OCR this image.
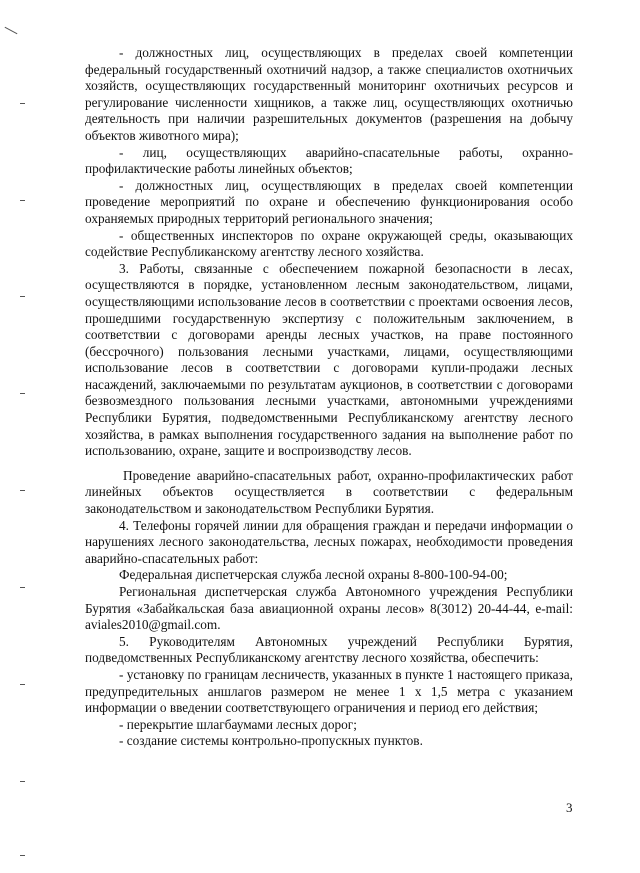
- должностных лиц, осуществляющих в пределах своей компетенции федеральный государственный охотничий надзор, а также специалистов охотничьих хозяйств, осуществляющих государственный мониторинг охотничьих ресурсов и регулирование численности хищников, а также лиц, осуществляющих охотничью деятельность при наличии разрешительных документов (разрешения на добычу объектов животного мира);

- лиц, осуществляющих аварийно-спасательные работы, охранно-профилактические работы линейных объектов;

- должностных лиц, осуществляющих в пределах своей компетенции проведение мероприятий по охране и обеспечению функционирования особо охраняемых природных территорий регионального значения;

- общественных инспекторов по охране окружающей среды, оказывающих содействие Республиканскому агентству лесного хозяйства.

3. Работы, связанные с обеспечением пожарной безопасности в лесах, осуществляются в порядке, установленном лесным законодательством, лицами, осуществляющими использование лесов в соответствии с проектами освоения лесов, прошедшими государственную экспертизу с положительным заключением, в соответствии с договорами аренды лесных участков, на праве постоянного (бессрочного) пользования лесными участками, лицами, осуществляющими использование лесов в соответствии с договорами купли-продажи лесных насаждений, заключаемыми по результатам аукционов, в соответствии с договорами безвозмездного пользования лесными участками, автономными учреждениями Республики Бурятия, подведомственными Республиканскому агентству лесного хозяйства, в рамках выполнения государственного задания на выполнение работ по использованию, охране, защите и воспроизводству лесов.

Проведение аварийно-спасательных работ, охранно-профилактических работ линейных объектов осуществляется в соответствии с федеральным законодательством и законодательством Республики Бурятия.

4. Телефоны горячей линии для обращения граждан и передачи информации о нарушениях лесного законодательства, лесных пожарах, необходимости проведения аварийно-спасательных работ:

Федеральная диспетчерская служба лесной охраны 8-800-100-94-00;

Региональная диспетчерская служба Автономного учреждения Республики Бурятия «Забайкальская база авиационной охраны лесов» 8(3012) 20-44-44, e-mail: aviales2010@gmail.com.

5. Руководителям Автономных учреждений Республики Бурятия, подведомственных Республиканскому агентству лесного хозяйства, обеспечить:

- установку по границам лесничеств, указанных в пункте 1 настоящего приказа, предупредительных аншлагов размером не менее 1 х 1,5 метра с указанием информации о введении соответствующего ограничения и период его действия;

- перекрытие шлагбаумами лесных дорог;

- создание системы контрольно-пропускных пунктов.

3
